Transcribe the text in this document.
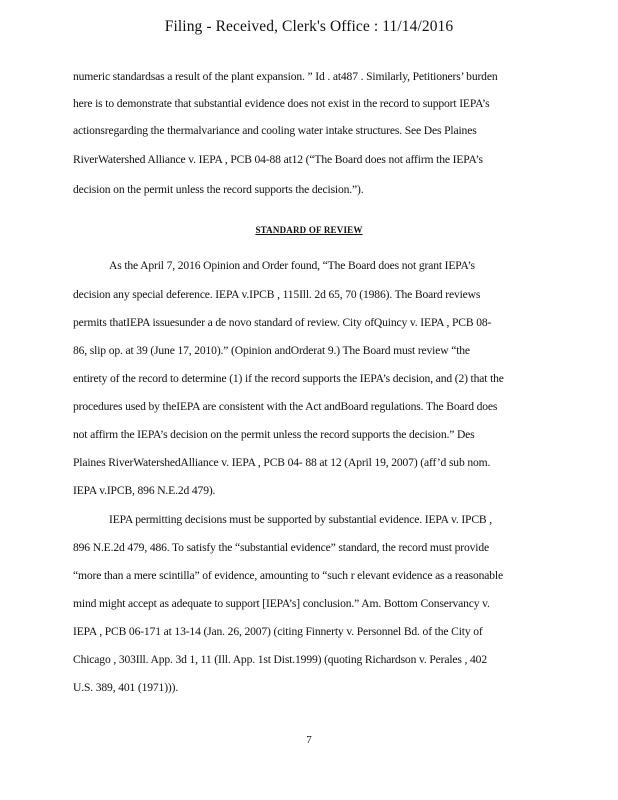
Filing - Received, Clerk's Office : 11/14/2016
numeric standardsas a result of the plant expansion. ” Id . at487 . Similarly, Petitioners’ burden
here is to demonstrate that substantial evidence does not exist in the record to support IEPA’s
actionsregarding the thermalvariance and cooling water intake structures. See Des Plaines
RiverWatershed Alliance v. IEPA , PCB 04-88 at12 (“The Board does not affirm the IEPA’s
decision on the permit unless the record supports the decision.”).
STANDARD OF REVIEW
As the April 7, 2016 Opinion and Order found, “The Board does not grant IEPA’s
decision any special deference. IEPA v.IPCB , 115Ill. 2d 65, 70 (1986). The Board reviews
permits thatIEPA issuesunder a de novo standard of review. City ofQuincy v. IEPA , PCB 08-
86, slip op. at 39 (June 17, 2010).” (Opinion andOrderat 9.) The Board must review “the
entirety of the record to determine (1) if the record supports the IEPA’s decision, and (2) that the
procedures used by theIEPA are consistent with the Act andBoard regulations. The Board does
not affirm the IEPA’s decision on the permit unless the record supports the decision.” Des
Plaines RiverWatershedAlliance v. IEPA , PCB 04- 88 at 12 (April 19, 2007) (aff’d sub nom.
IEPA v.IPCB, 896 N.E.2d 479).
IEPA permitting decisions must be supported by substantial evidence. IEPA v. IPCB ,
896 N.E.2d 479, 486. To satisfy the “substantial evidence” standard, the record must provide
“more than a mere scintilla” of evidence, amounting to “such r elevant evidence as a reasonable
mind might accept as adequate to support [IEPA’s] conclusion.” Am. Bottom Conservancy v.
IEPA , PCB 06-171 at 13-14 (Jan. 26, 2007) (citing Finnerty v. Personnel Bd. of the City of
Chicago , 303Ill. App. 3d 1, 11 (Ill. App. 1st Dist.1999) (quoting Richardson v. Perales , 402
U.S. 389, 401 (1971))).
7
